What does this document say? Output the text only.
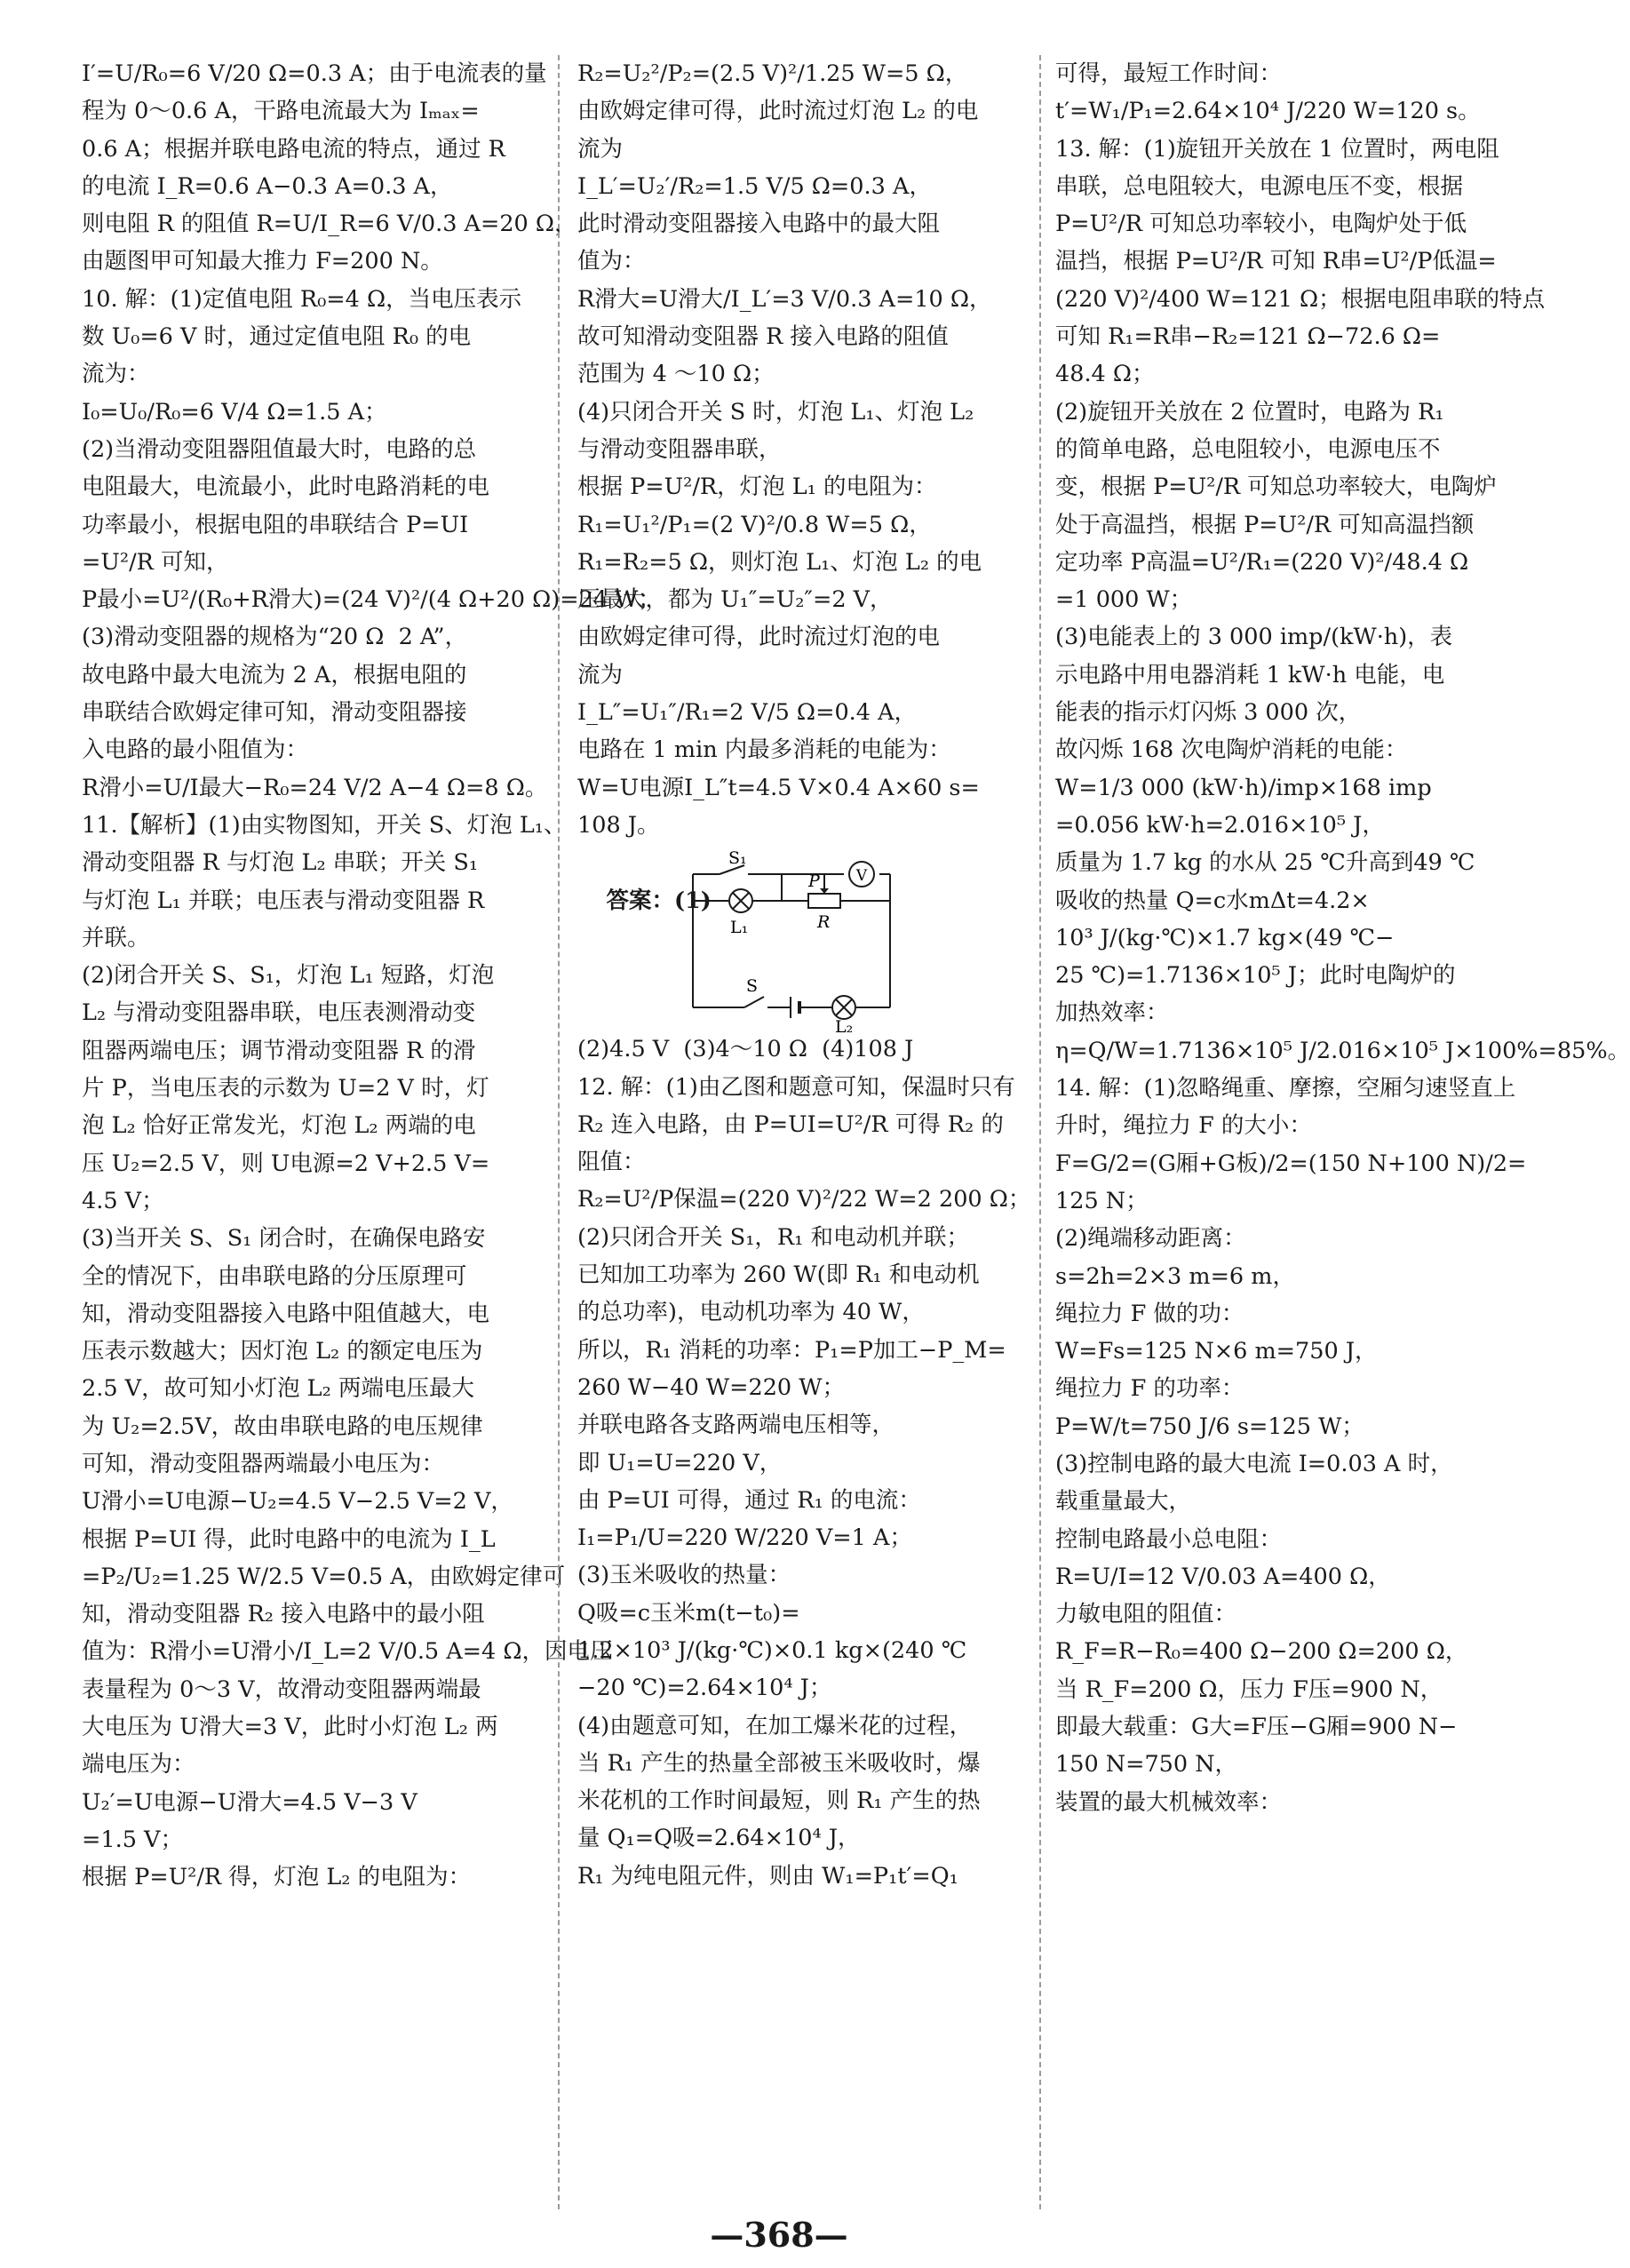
I′=U/R₀=6 V/20 Ω=0.3 A；由于电流表的量
程为 0～0.6 A，干路电流最大为 Iₘₐₓ=
0.6 A；根据并联电路电流的特点，通过 R
的电流 I_R=0.6 A−0.3 A=0.3 A，
则电阻 R 的阻值 R=U/I_R=6 V/0.3 A=20 Ω，
由题图甲可知最大推力 F=200 N。
10. 解：(1)定值电阻 R₀=4 Ω，当电压表示
数 U₀=6 V 时，通过定值电阻 R₀ 的电
流为：
I₀=U₀/R₀=6 V/4 Ω=1.5 A；
(2)当滑动变阻器阻值最大时，电路的总
电阻最大，电流最小，此时电路消耗的电
功率最小，根据电阻的串联结合 P=UI
=U²/R 可知，
P最小=U²/(R₀+R滑大)=(24 V)²/(4 Ω+20 Ω)=24 W；
(3)滑动变阻器的规格为“20 Ω  2 A”，
故电路中最大电流为 2 A，根据电阻的
串联结合欧姆定律可知，滑动变阻器接
入电路的最小阻值为：
R滑小=U/I最大−R₀=24 V/2 A−4 Ω=8 Ω。
11.【解析】(1)由实物图知，开关 S、灯泡 L₁、
滑动变阻器 R 与灯泡 L₂ 串联；开关 S₁
与灯泡 L₁ 并联；电压表与滑动变阻器 R
并联。
(2)闭合开关 S、S₁，灯泡 L₁ 短路，灯泡
L₂ 与滑动变阻器串联，电压表测滑动变
阻器两端电压；调节滑动变阻器 R 的滑
片 P，当电压表的示数为 U=2 V 时，灯
泡 L₂ 恰好正常发光，灯泡 L₂ 两端的电
压 U₂=2.5 V，则 U电源=2 V+2.5 V=
4.5 V；
(3)当开关 S、S₁ 闭合时，在确保电路安
全的情况下，由串联电路的分压原理可
知，滑动变阻器接入电路中阻值越大，电
压表示数越大；因灯泡 L₂ 的额定电压为
2.5 V，故可知小灯泡 L₂ 两端电压最大
为 U₂=2.5V，故由串联电路的电压规律
可知，滑动变阻器两端最小电压为：
U滑小=U电源−U₂=4.5 V−2.5 V=2 V，
根据 P=UI 得，此时电路中的电流为 I_L
=P₂/U₂=1.25 W/2.5 V=0.5 A，由欧姆定律可
知，滑动变阻器 R₂ 接入电路中的最小阻
值为：R滑小=U滑小/I_L=2 V/0.5 A=4 Ω，因电压
表量程为 0～3 V，故滑动变阻器两端最
大电压为 U滑大=3 V，此时小灯泡 L₂ 两
端电压为：
U₂′=U电源−U滑大=4.5 V−3 V
=1.5 V；
根据 P=U²/R 得，灯泡 L₂ 的电阻为：
R₂=U₂²/P₂=(2.5 V)²/1.25 W=5 Ω，
由欧姆定律可得，此时流过灯泡 L₂ 的电
流为
I_L′=U₂′/R₂=1.5 V/5 Ω=0.3 A，
此时滑动变阻器接入电路中的最大阻
值为：
R滑大=U滑大/I_L′=3 V/0.3 A=10 Ω，
故可知滑动变阻器 R 接入电路的阻值
范围为 4 ～10 Ω；
(4)只闭合开关 S 时，灯泡 L₁、灯泡 L₂
与滑动变阻器串联，
根据 P=U²/R，灯泡 L₁ 的电阻为：
R₁=U₁²/P₁=(2 V)²/0.8 W=5 Ω，
R₁=R₂=5 Ω，则灯泡 L₁、灯泡 L₂ 的电
压最大，都为 U₁″=U₂″=2 V，
由欧姆定律可得，此时流过灯泡的电
流为
I_L″=U₁″/R₁=2 V/5 Ω=0.4 A，
电路在 1 min 内最多消耗的电能为：
W=U电源I_L″t=4.5 V×0.4 A×60 s=
108 J。

答案：(1)

V
S₁
P
R
L₁
S
L₂

(2)4.5 V  (3)4～10 Ω  (4)108 J
12. 解：(1)由乙图和题意可知，保温时只有
R₂ 连入电路，由 P=UI=U²/R 可得 R₂ 的
阻值：
R₂=U²/P保温=(220 V)²/22 W=2 200 Ω；
(2)只闭合开关 S₁，R₁ 和电动机并联；
已知加工功率为 260 W(即 R₁ 和电动机
的总功率)，电动机功率为 40 W，
所以，R₁ 消耗的功率：P₁=P加工−P_M=
260 W−40 W=220 W；
并联电路各支路两端电压相等，
即 U₁=U=220 V，
由 P=UI 可得，通过 R₁ 的电流：
I₁=P₁/U=220 W/220 V=1 A；
(3)玉米吸收的热量：
Q吸=c玉米m(t−t₀)=
1.2×10³ J/(kg·℃)×0.1 kg×(240 ℃
−20 ℃)=2.64×10⁴ J；
(4)由题意可知，在加工爆米花的过程，
当 R₁ 产生的热量全部被玉米吸收时，爆
米花机的工作时间最短，则 R₁ 产生的热
量 Q₁=Q吸=2.64×10⁴ J，
R₁ 为纯电阻元件，则由 W₁=P₁t′=Q₁
可得，最短工作时间：
t′=W₁/P₁=2.64×10⁴ J/220 W=120 s。
13. 解：(1)旋钮开关放在 1 位置时，两电阻
串联，总电阻较大，电源电压不变，根据
P=U²/R 可知总功率较小，电陶炉处于低
温挡，根据 P=U²/R 可知 R串=U²/P低温=
(220 V)²/400 W=121 Ω；根据电阻串联的特点
可知 R₁=R串−R₂=121 Ω−72.6 Ω=
48.4 Ω；
(2)旋钮开关放在 2 位置时，电路为 R₁
的简单电路，总电阻较小，电源电压不
变，根据 P=U²/R 可知总功率较大，电陶炉
处于高温挡，根据 P=U²/R 可知高温挡额
定功率 P高温=U²/R₁=(220 V)²/48.4 Ω
=1 000 W；
(3)电能表上的 3 000 imp/(kW·h)，表
示电路中用电器消耗 1 kW·h 电能，电
能表的指示灯闪烁 3 000 次，
故闪烁 168 次电陶炉消耗的电能：
W=1/3 000 (kW·h)/imp×168 imp
=0.056 kW·h=2.016×10⁵ J，
质量为 1.7 kg 的水从 25 ℃升高到49 ℃
吸收的热量 Q=c水mΔt=4.2×
10³ J/(kg·℃)×1.7 kg×(49 ℃−
25 ℃)=1.7136×10⁵ J；此时电陶炉的
加热效率：
η=Q/W=1.7136×10⁵ J/2.016×10⁵ J×100%=85%。
14. 解：(1)忽略绳重、摩擦，空厢匀速竖直上
升时，绳拉力 F 的大小：
F=G/2=(G厢+G板)/2=(150 N+100 N)/2=
125 N；
(2)绳端移动距离：
s=2h=2×3 m=6 m，
绳拉力 F 做的功：
W=Fs=125 N×6 m=750 J，
绳拉力 F 的功率：
P=W/t=750 J/6 s=125 W；
(3)控制电路的最大电流 I=0.03 A 时，
载重量最大，
控制电路最小总电阻：
R=U/I=12 V/0.03 A=400 Ω，
力敏电阻的阻值：
R_F=R−R₀=400 Ω−200 Ω=200 Ω，
当 R_F=200 Ω，压力 F压=900 N，
即最大载重：G大=F压−G厢=900 N−
150 N=750 N，
装置的最大机械效率：
—368—
